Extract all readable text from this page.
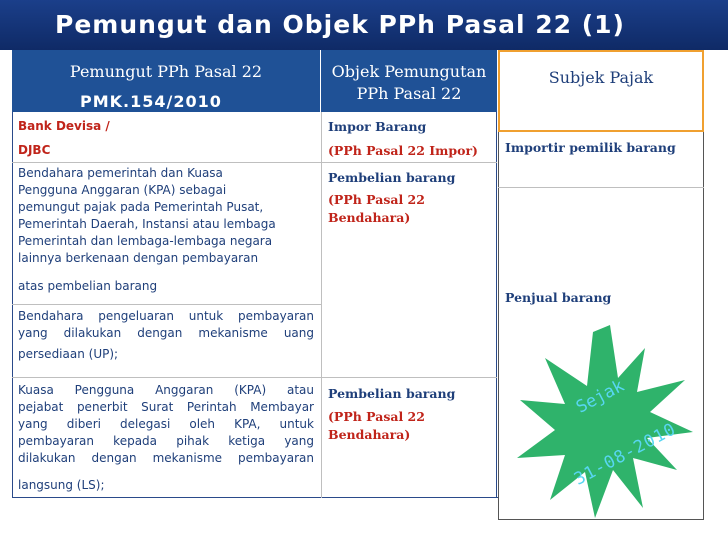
Pemungut dan Objek PPh Pasal 22 (1)
Pemungut PPh Pasal 22
PMK.154/2010
Objek Pemungutan
PPh Pasal 22
Subjek Pajak
Bank Devisa /
DJBC
Impor Barang
(PPh Pasal 22 Impor) Importir pemilik barang
Bendahara pemerintah dan Kuasa
Pengguna Anggaran (KPA) sebagai
pemungut pajak pada Pemerintah Pusat,
Pemerintah Daerah, Instansi atau lembaga
Pemerintah dan lembaga-lembaga negara
lainnya berkenaan dengan pembayaran
atas pembelian barang
Pembelian barang
(PPh Pasal 22
Bendahara)
Penjual barang
Bendahara pengeluaran untuk pembayaran
yang dilakukan dengan mekanisme uang
persediaan (UP);
Kuasa Pengguna Anggaran (KPA) atau
pejabat penerbit Surat Perintah Membayar
yang diberi delegasi oleh KPA, untuk
pembayaran kepada pihak ketiga yang
dilakukan dengan mekanisme pembayaran
langsung (LS);
Pembelian barang
(PPh Pasal 22
Bendahara)
Sejak
31-08-2010
